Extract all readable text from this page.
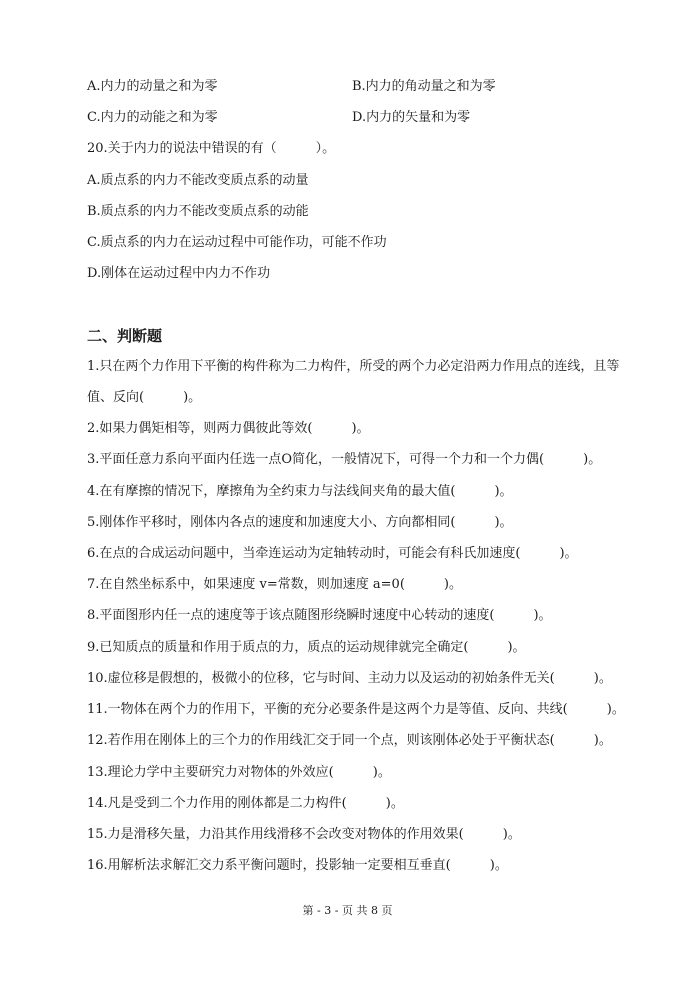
A.内力的动量之和为零	B.内力的角动量之和为零
C.内力的动能之和为零	D.内力的矢量和为零
20.关于内力的说法中错误的有（　　　）。
A.质点系的内力不能改变质点系的动量
B.质点系的内力不能改变质点系的动能
C.质点系的内力在运动过程中可能作功，可能不作功
D.刚体在运动过程中内力不作功
二、判断题
1.只在两个力作用下平衡的构件称为二力构件，所受的两个力必定沿两力作用点的连线，且等
值、反向(　　　)。
2.如果力偶矩相等，则两力偶彼此等效(　　　)。
3.平面任意力系向平面内任选一点O简化，一般情况下，可得一个力和一个力偶(　　　)。
4.在有摩擦的情况下，摩擦角为全约束力与法线间夹角的最大值(　　　)。
5.刚体作平移时，刚体内各点的速度和加速度大小、方向都相同(　　　)。
6.在点的合成运动问题中，当牵连运动为定轴转动时，可能会有科氏加速度(　　　)。
7.在自然坐标系中，如果速度 v=常数，则加速度 a=0(　　　)。
8.平面图形内任一点的速度等于该点随图形绕瞬时速度中心转动的速度(　　　)。
9.已知质点的质量和作用于质点的力，质点的运动规律就完全确定(　　　)。
10.虚位移是假想的，极微小的位移，它与时间、主动力以及运动的初始条件无关(　　　)。
11.一物体在两个力的作用下，平衡的充分必要条件是这两个力是等值、反向、共线(　　　)。
12.若作用在刚体上的三个力的作用线汇交于同一个点，则该刚体必处于平衡状态(　　　)。
13.理论力学中主要研究力对物体的外效应(　　　)。
14.凡是受到二个力作用的刚体都是二力构件(　　　)。
15.力是滑移矢量，力沿其作用线滑移不会改变对物体的作用效果(　　　)。
16.用解析法求解汇交力系平衡问题时，投影轴一定要相互垂直(　　　)。
第 - 3 - 页 共 8 页
